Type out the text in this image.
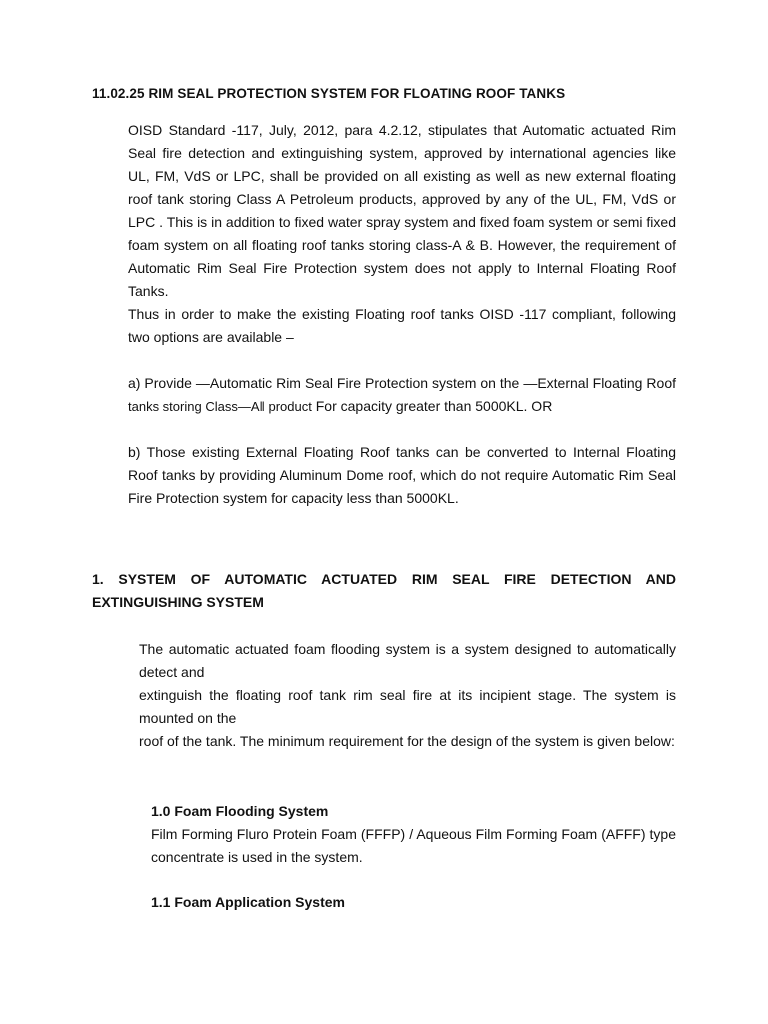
11.02.25 RIM SEAL PROTECTION SYSTEM FOR FLOATING ROOF TANKS

OISD Standard -117, July, 2012, para 4.2.12, stipulates that Automatic actuated Rim Seal fire detection and extinguishing system, approved by international agencies like UL, FM, VdS or LPC, shall be provided on all existing as well as new external floating roof tank storing Class A Petroleum products, approved by any of the UL, FM, VdS or LPC . This is in addition to fixed water spray system and fixed foam system or semi fixed foam system on all floating roof tanks storing class-A & B. However, the requirement of Automatic Rim Seal Fire Protection system does not apply to Internal Floating Roof Tanks.

Thus in order to make the existing Floating roof tanks OISD -117 compliant, following two options are available –

a) Provide ―Automatic Rim Seal Fire Protection system on the ―External Floating Roof tanks storing Class―A‖ product For capacity greater than 5000KL. OR

b) Those existing External Floating Roof tanks can be converted to Internal Floating Roof tanks by providing Aluminum Dome roof, which do not require Automatic Rim Seal Fire Protection system for capacity less than 5000KL.

1. SYSTEM OF AUTOMATIC ACTUATED RIM SEAL FIRE DETECTION AND
EXTINGUISHING SYSTEM

The automatic actuated foam flooding system is a system designed to automatically
detect and
extinguish the floating roof tank rim seal fire at its incipient stage. The system is
mounted on the
roof of the tank. The minimum requirement for the design of the system is given below:

1.0 Foam Flooding System

Film Forming Fluro Protein Foam (FFFP) / Aqueous Film Forming Foam (AFFF) type concentrate is used in the system.

1.1 Foam Application System
